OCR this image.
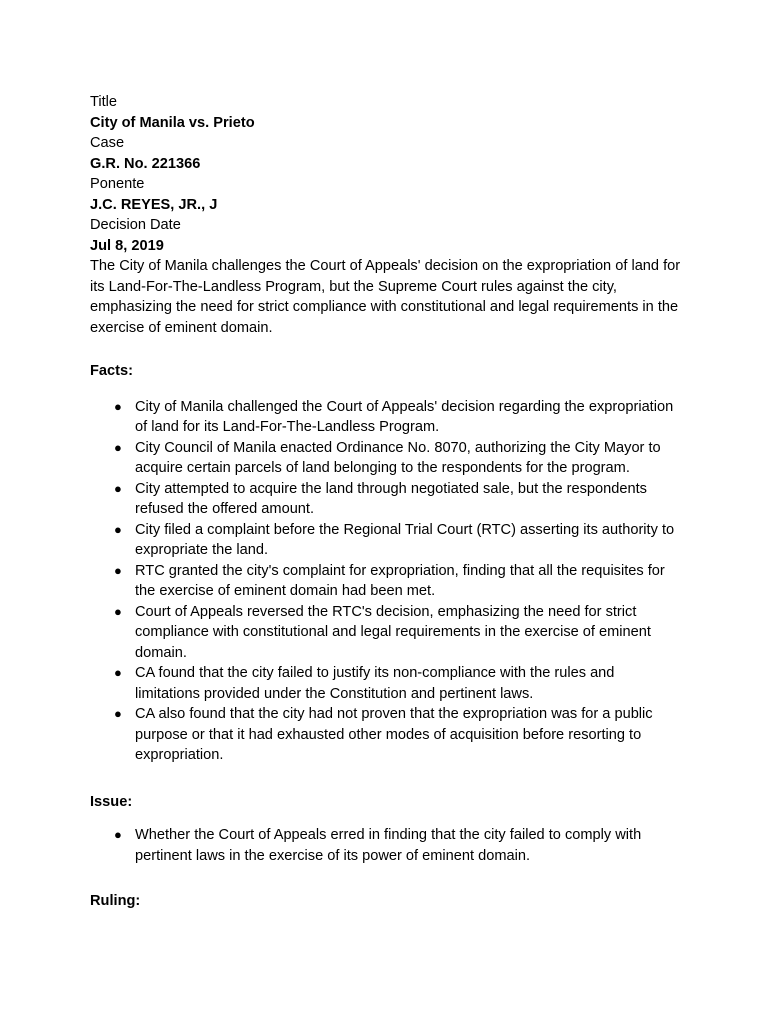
Title

City of Manila vs. Prieto

Case

G.R. No. 221366

Ponente

J.C. REYES, JR., J

Decision Date

Jul 8, 2019

The City of Manila challenges the Court of Appeals' decision on the expropriation of land for its Land-For-The-Landless Program, but the Supreme Court rules against the city, emphasizing the need for strict compliance with constitutional and legal requirements in the exercise of eminent domain.

Facts:

● City of Manila challenged the Court of Appeals' decision regarding the expropriation of land for its Land-For-The-Landless Program.
● City Council of Manila enacted Ordinance No. 8070, authorizing the City Mayor to acquire certain parcels of land belonging to the respondents for the program.
● City attempted to acquire the land through negotiated sale, but the respondents refused the offered amount.
● City filed a complaint before the Regional Trial Court (RTC) asserting its authority to expropriate the land.
● RTC granted the city's complaint for expropriation, finding that all the requisites for the exercise of eminent domain had been met.
● Court of Appeals reversed the RTC's decision, emphasizing the need for strict compliance with constitutional and legal requirements in the exercise of eminent domain.
● CA found that the city failed to justify its non-compliance with the rules and limitations provided under the Constitution and pertinent laws.
● CA also found that the city had not proven that the expropriation was for a public purpose or that it had exhausted other modes of acquisition before resorting to expropriation.

Issue:

● Whether the Court of Appeals erred in finding that the city failed to comply with pertinent laws in the exercise of its power of eminent domain.

Ruling:
